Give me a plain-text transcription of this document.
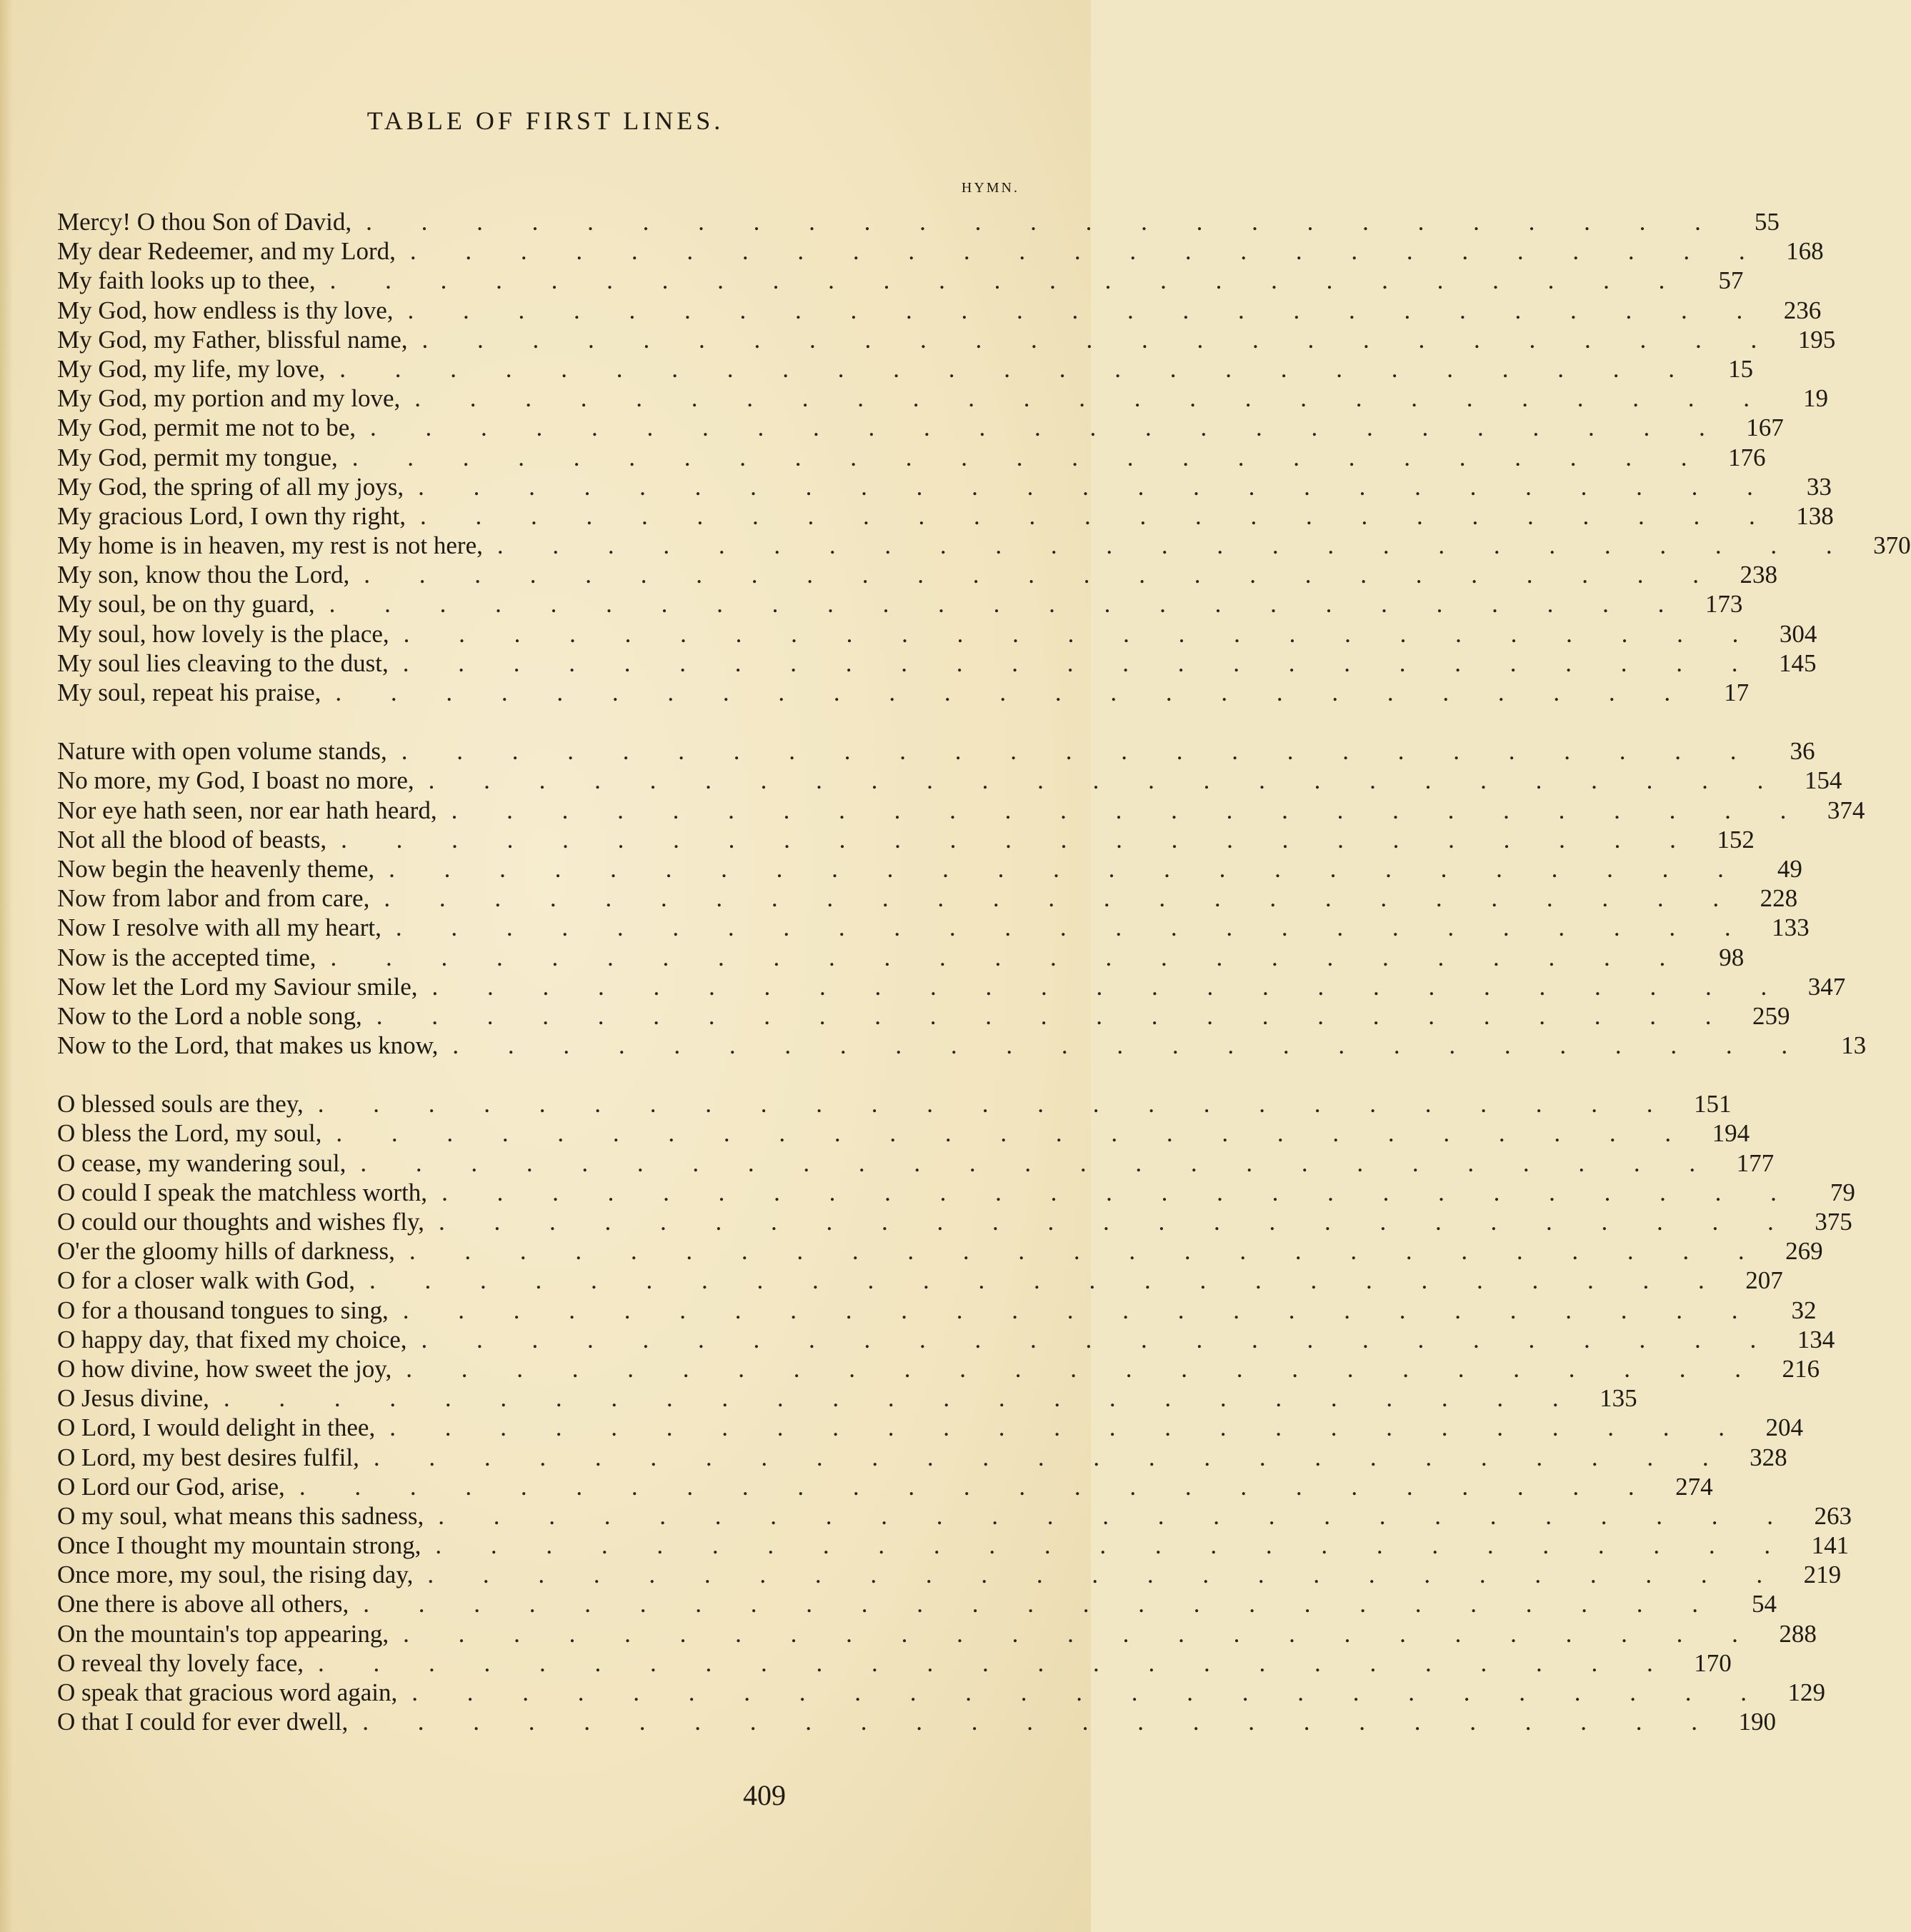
TABLE OF FIRST LINES.
HYMN.
Mercy! O thou Son of David, . . . . . . . . . . . . . . . . . . . . . . . . .	55
My dear Redeemer, and my Lord, . . . . . . . . . . . . . . . . . . . . . . . . . 168
My faith looks up to thee, . . . . . . . . . . . . . . . . . . . . . . . . .	57
My God, how endless is thy love, . . . . . . . . . . . . . . . . . . . . . . . . . 236
My God, my Father, blissful name, . . . . . . . . . . . . . . . . . . . . . . . . . 195
My God, my life, my love, . . . . . . . . . . . . . . . . . . . . . . . . .	15
My God, my portion and my love, . . . . . . . . . . . . . . . . . . . . . . . . .	19
My God, permit me not to be, . . . . . . . . . . . . . . . . . . . . . . . . . 167
My God, permit my tongue, . . . . . . . . . . . . . . . . . . . . . . . . . 176
My God, the spring of all my joys, . . . . . . . . . . . . . . . . . . . . . . . . .	33
My gracious Lord, I own thy right, . . . . . . . . . . . . . . . . . . . . . . . . . 138
My home is in heaven, my rest is not here, . . . . . . . . . . . . . . . . . . . . . . . . . 370
My son, know thou the Lord, . . . . . . . . . . . . . . . . . . . . . . . . . 238
My soul, be on thy guard, . . . . . . . . . . . . . . . . . . . . . . . . . 173
My soul, how lovely is the place, . . . . . . . . . . . . . . . . . . . . . . . . . 304
My soul lies cleaving to the dust, . . . . . . . . . . . . . . . . . . . . . . . . . 145
My soul, repeat his praise, . . . . . . . . . . . . . . . . . . . . . . . . .	17
Nature with open volume stands, . . . . . . . . . . . . . . . . . . . . . . . . .	36
No more, my God, I boast no more, . . . . . . . . . . . . . . . . . . . . . . . . . 154
Nor eye hath seen, nor ear hath heard, . . . . . . . . . . . . . . . . . . . . . . . . . 374
Not all the blood of beasts, . . . . . . . . . . . . . . . . . . . . . . . . . 152
Now begin the heavenly theme, . . . . . . . . . . . . . . . . . . . . . . . . .	49
Now from labor and from care, . . . . . . . . . . . . . . . . . . . . . . . . . 228
Now I resolve with all my heart, . . . . . . . . . . . . . . . . . . . . . . . . . 133
Now is the accepted time, . . . . . . . . . . . . . . . . . . . . . . . . .	98
Now let the Lord my Saviour smile, . . . . . . . . . . . . . . . . . . . . . . . . . 347
Now to the Lord a noble song, . . . . . . . . . . . . . . . . . . . . . . . . . 259
Now to the Lord, that makes us know, . . . . . . . . . . . . . . . . . . . . . . . . .	13
O blessed souls are they, . . . . . . . . . . . . . . . . . . . . . . . . . 151
O bless the Lord, my soul, . . . . . . . . . . . . . . . . . . . . . . . . . 194
O cease, my wandering soul, . . . . . . . . . . . . . . . . . . . . . . . . . 177
O could I speak the matchless worth, . . . . . . . . . . . . . . . . . . . . . . . . .	79
O could our thoughts and wishes fly, . . . . . . . . . . . . . . . . . . . . . . . . . 375
O'er the gloomy hills of darkness, . . . . . . . . . . . . . . . . . . . . . . . . . 269
O for a closer walk with God, . . . . . . . . . . . . . . . . . . . . . . . . . 207
O for a thousand tongues to sing, . . . . . . . . . . . . . . . . . . . . . . . . .	32
O happy day, that fixed my choice, . . . . . . . . . . . . . . . . . . . . . . . . . 134
O how divine, how sweet the joy, . . . . . . . . . . . . . . . . . . . . . . . . . 216
O Jesus divine, . . . . . . . . . . . . . . . . . . . . . . . . . 135
O Lord, I would delight in thee, . . . . . . . . . . . . . . . . . . . . . . . . . 204
O Lord, my best desires fulfil, . . . . . . . . . . . . . . . . . . . . . . . . . 328
O Lord our God, arise, . . . . . . . . . . . . . . . . . . . . . . . . . 274
O my soul, what means this sadness, . . . . . . . . . . . . . . . . . . . . . . . . . 263
Once I thought my mountain strong, . . . . . . . . . . . . . . . . . . . . . . . . . 141
Once more, my soul, the rising day, . . . . . . . . . . . . . . . . . . . . . . . . . 219
One there is above all others, . . . . . . . . . . . . . . . . . . . . . . . . .	54
On the mountain's top appearing, . . . . . . . . . . . . . . . . . . . . . . . . . 288
O reveal thy lovely face, . . . . . . . . . . . . . . . . . . . . . . . . . 170
O speak that gracious word again, . . . . . . . . . . . . . . . . . . . . . . . . . 129
O that I could for ever dwell, . . . . . . . . . . . . . . . . . . . . . . . . . 190
409
